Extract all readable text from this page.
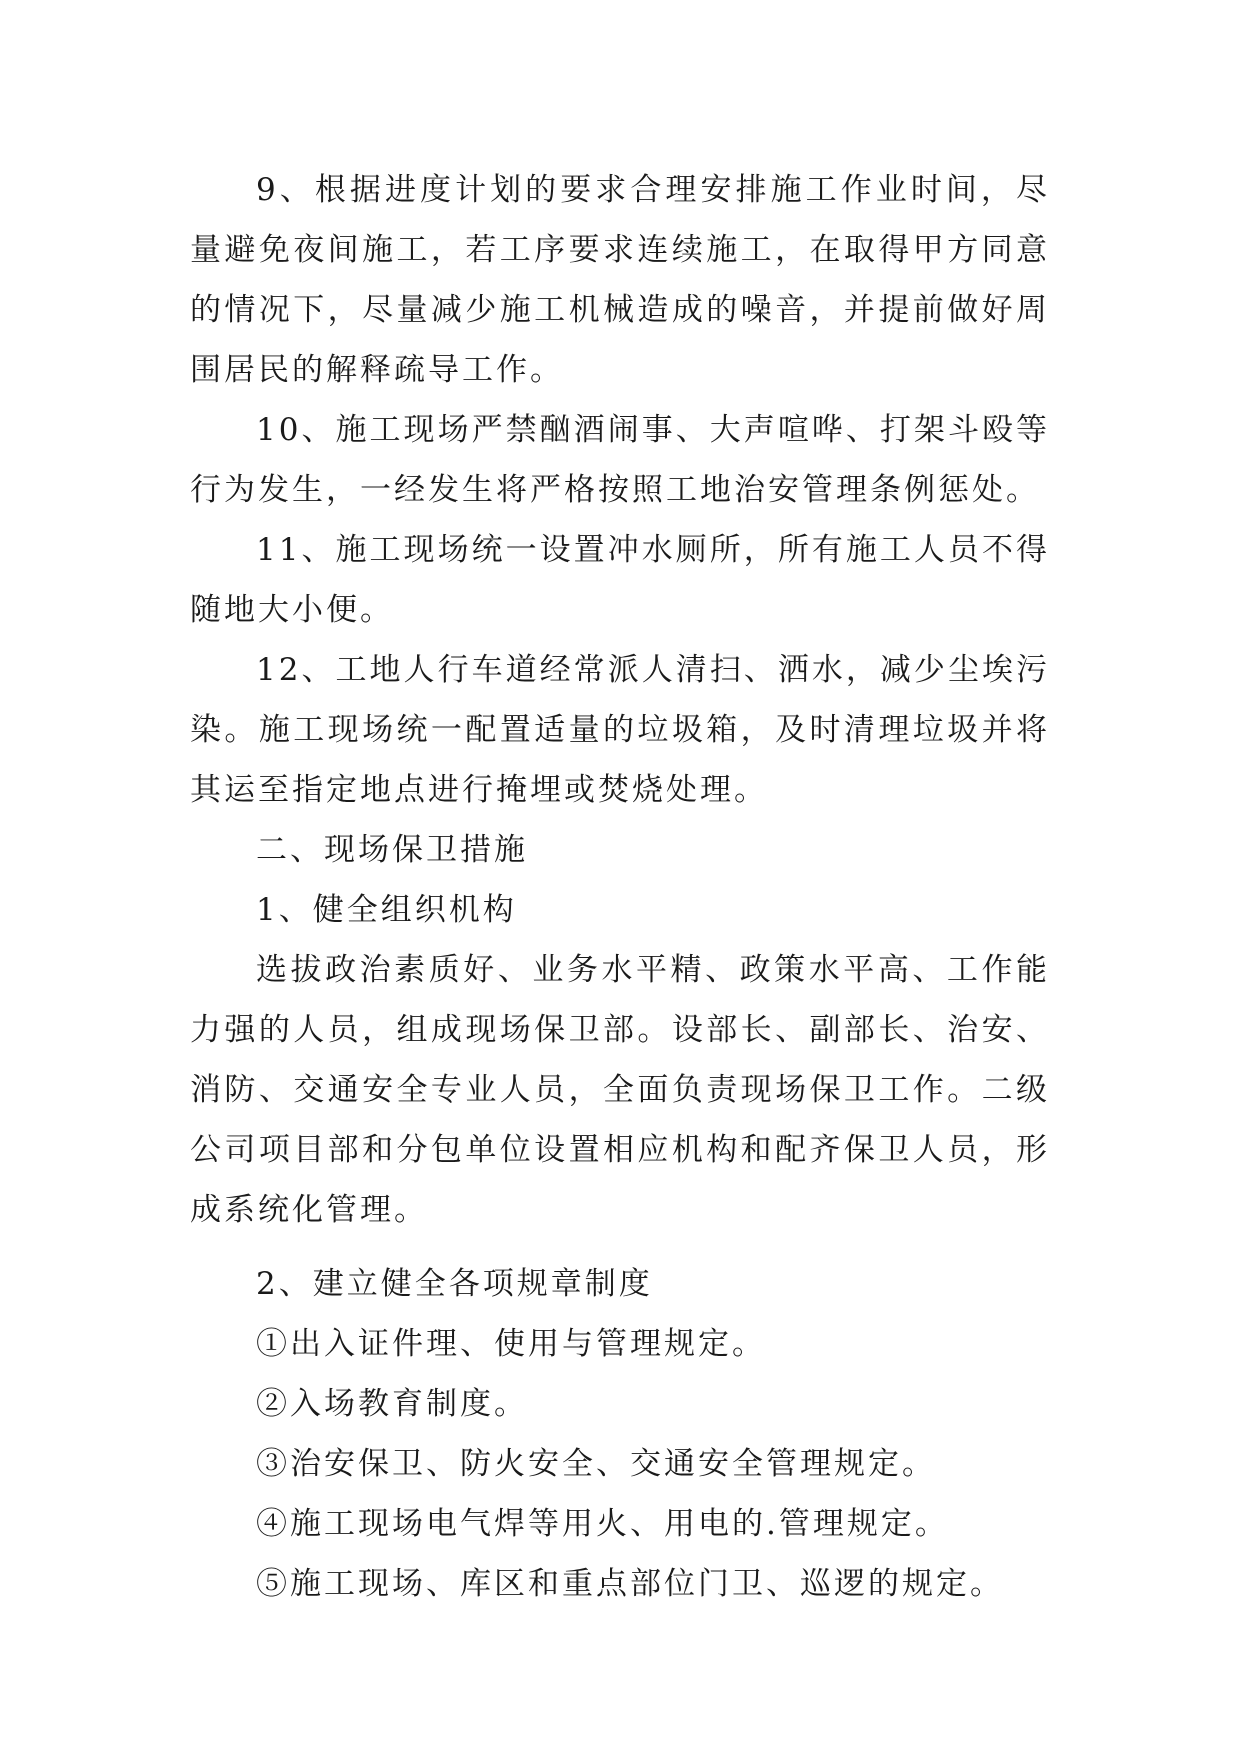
9、根据进度计划的要求合理安排施工作业时间，尽量避免夜间施工，若工序要求连续施工，在取得甲方同意的情况下，尽量减少施工机械造成的噪音，并提前做好周围居民的解释疏导工作。

10、施工现场严禁酗酒闹事、大声喧哗、打架斗殴等行为发生，一经发生将严格按照工地治安管理条例惩处。

11、施工现场统一设置冲水厕所，所有施工人员不得随地大小便。

12、工地人行车道经常派人清扫、洒水，减少尘埃污染。施工现场统一配置适量的垃圾箱，及时清理垃圾并将其运至指定地点进行掩埋或焚烧处理。

二、现场保卫措施

1、健全组织机构

选拔政治素质好、业务水平精、政策水平高、工作能力强的人员，组成现场保卫部。设部长、副部长、治安、消防、交通安全专业人员，全面负责现场保卫工作。二级公司项目部和分包单位设置相应机构和配齐保卫人员，形成系统化管理。

2、建立健全各项规章制度

①出入证件理、使用与管理规定。

②入场教育制度。

③治安保卫、防火安全、交通安全管理规定。

④施工现场电气焊等用火、用电的.管理规定。

⑤施工现场、库区和重点部位门卫、巡逻的规定。
